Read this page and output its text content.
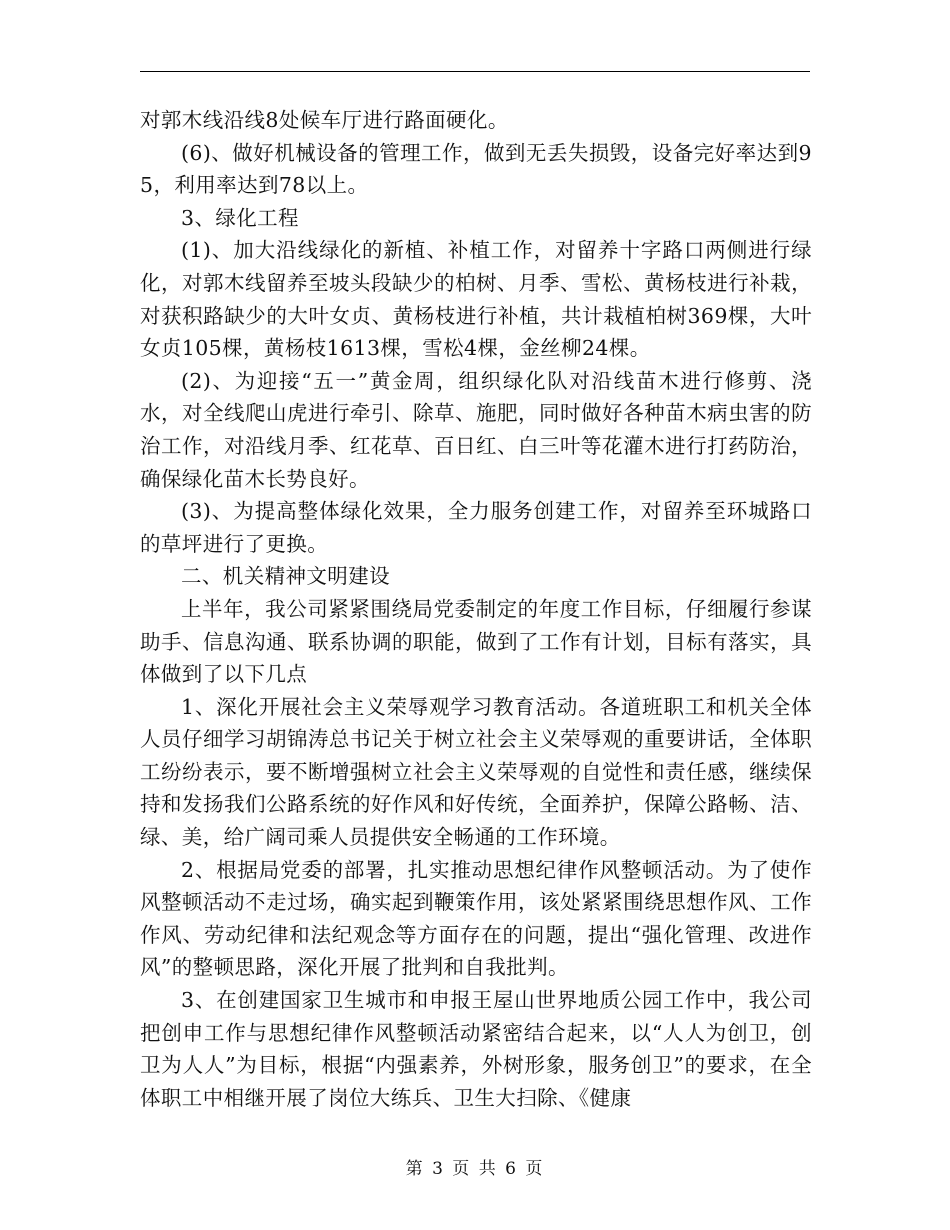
对郭木线沿线8处候车厅进行路面硬化。

(6)、做好机械设备的管理工作，做到无丢失损毁，设备完好率达到95，利用率达到78以上。

3、绿化工程

(1)、加大沿线绿化的新植、补植工作，对留养十字路口两侧进行绿化，对郭木线留养至坡头段缺少的柏树、月季、雪松、黄杨枝进行补栽，对获积路缺少的大叶女贞、黄杨枝进行补植，共计栽植柏树369棵，大叶女贞105棵，黄杨枝1613棵，雪松4棵，金丝柳24棵。

(2)、为迎接“五一”黄金周，组织绿化队对沿线苗木进行修剪、浇水，对全线爬山虎进行牵引、除草、施肥，同时做好各种苗木病虫害的防治工作，对沿线月季、红花草、百日红、白三叶等花灌木进行打药防治，确保绿化苗木长势良好。

(3)、为提高整体绿化效果，全力服务创建工作，对留养至环城路口的草坪进行了更换。

二、机关精神文明建设

上半年，我公司紧紧围绕局党委制定的年度工作目标，仔细履行参谋助手、信息沟通、联系协调的职能，做到了工作有计划，目标有落实，具体做到了以下几点

1、深化开展社会主义荣辱观学习教育活动。各道班职工和机关全体人员仔细学习胡锦涛总书记关于树立社会主义荣辱观的重要讲话，全体职工纷纷表示，要不断增强树立社会主义荣辱观的自觉性和责任感，继续保持和发扬我们公路系统的好作风和好传统，全面养护，保障公路畅、洁、绿、美，给广阔司乘人员提供安全畅通的工作环境。

2、根据局党委的部署，扎实推动思想纪律作风整顿活动。为了使作风整顿活动不走过场，确实起到鞭策作用，该处紧紧围绕思想作风、工作作风、劳动纪律和法纪观念等方面存在的问题，提出“强化管理、改进作风”的整顿思路，深化开展了批判和自我批判。

3、在创建国家卫生城市和申报王屋山世界地质公园工作中，我公司把创申工作与思想纪律作风整顿活动紧密结合起来，以“人人为创卫，创卫为人人”为目标，根据“内强素养，外树形象，服务创卫”的要求，在全体职工中相继开展了岗位大练兵、卫生大扫除、《健康

第 3 页 共 6 页
